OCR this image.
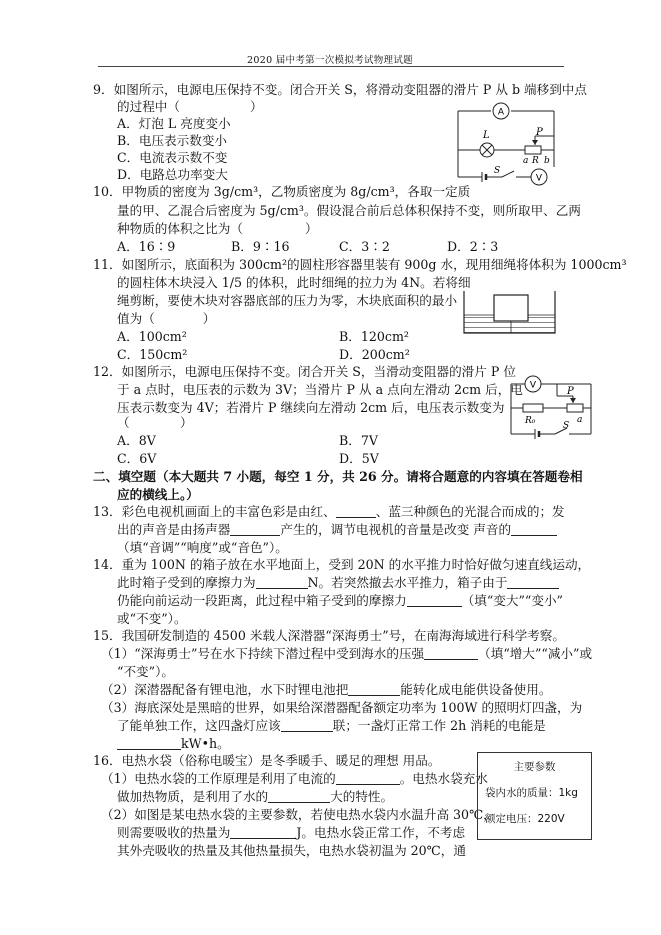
2020 届中考第一次模拟考试物理试题
9．如图所示，电源电压保持不变。闭合开关 S，将滑动变阻器的滑片 P 从 b 端移到中点
的过程中（	）
A．灯泡 L 亮度变小
B．电压表示数变小
C．电流表示数不变
D．电路总功率变大
A
L	P
a R b
S
V
10．甲物质的密度为 3g/cm³，乙物质密度为 8g/cm³，各取一定质
量的甲、乙混合后密度为 5g/cm³。假设混合前后总体积保持不变，则所取甲、乙两
种物质的体积之比为（	）
A．16∶9	B．9∶16	C．3∶2	D．2∶3
11．如图所示，底面积为 300cm²的圆柱形容器里装有 900g 水，现用细绳将体积为 1000cm³
的圆柱体木块浸入 1/5 的体积，此时细绳的拉力为 4N。若将细
绳剪断，要使木块对容器底部的压力为零，木块底面积的最小
值为（	）
A．100cm²	B．120cm²
C．150cm²	D．200cm²
12．如图所示，电源电压保持不变。闭合开关 S，当滑动变阻器的滑片 P 位
于 a 点时，电压表的示数为 3V；当滑片 P 从 a 点向左滑动 2cm 后，电
压表示数变为 4V；若滑片 P 继续向左滑动 2cm 后，电压表示数变为
（　　　　）
A．8V	B．7V
C．6V	D．5V
V
R₀
P
a
S
二、填空题（本大题共 7 小题，每空 1 分，共 26 分。请将合题意的内容填在答题卷相
应的横线上。）
13．彩色电视机画面上的丰富色彩是由红、	、蓝三种颜色的光混合而成的；发
出的声音是由扬声器	产生的，调节电视机的音量是改变 声音的
（填“音调”“响度”或“音色”）。
14．重为 100N 的箱子放在水平地面上，受到 20N 的水平推力时恰好做匀速直线运动，
此时箱子受到的摩擦力为	N。若突然撤去水平推力，箱子由于
仍能向前运动一段距离，此过程中箱子受到的摩擦力	（填“变大”“变小”
或“不变”）。
15．我国研发制造的 4500 米载人深潜器“深海勇士”号，在南海海域进行科学考察。
（1）“深海勇士”号在水下持续下潜过程中受到海水的压强	（填“增大”“减小”或
“不变”）。
（2）深潜器配备有锂电池，水下时锂电池把	能转化成电能供设备使用。
（3）海底深处是黑暗的世界，如果给深潜器配备额定功率为 100W 的照明灯四盏，为
了能单独工作，这四盏灯应该	联；一盏灯正常工作 2h 消耗的电能是
kW•h。
16．电热水袋（俗称电暖宝）是冬季暖手、暖足的理想 用品。
（1）电热水袋的工作原理是利用了电流的	。电热水袋充水
做加热物质，是利用了水的	大的特性。
（2）如图是某电热水袋的主要参数，若使电热水袋内水温升高 30℃，
则需要吸收的热量为	J。电热水袋正常工作，不考虑
其外壳吸收的热量及其他热量损失，电热水袋初温为 20℃，通
主要参数
袋内水的质量：1kg
额定电压：220V
